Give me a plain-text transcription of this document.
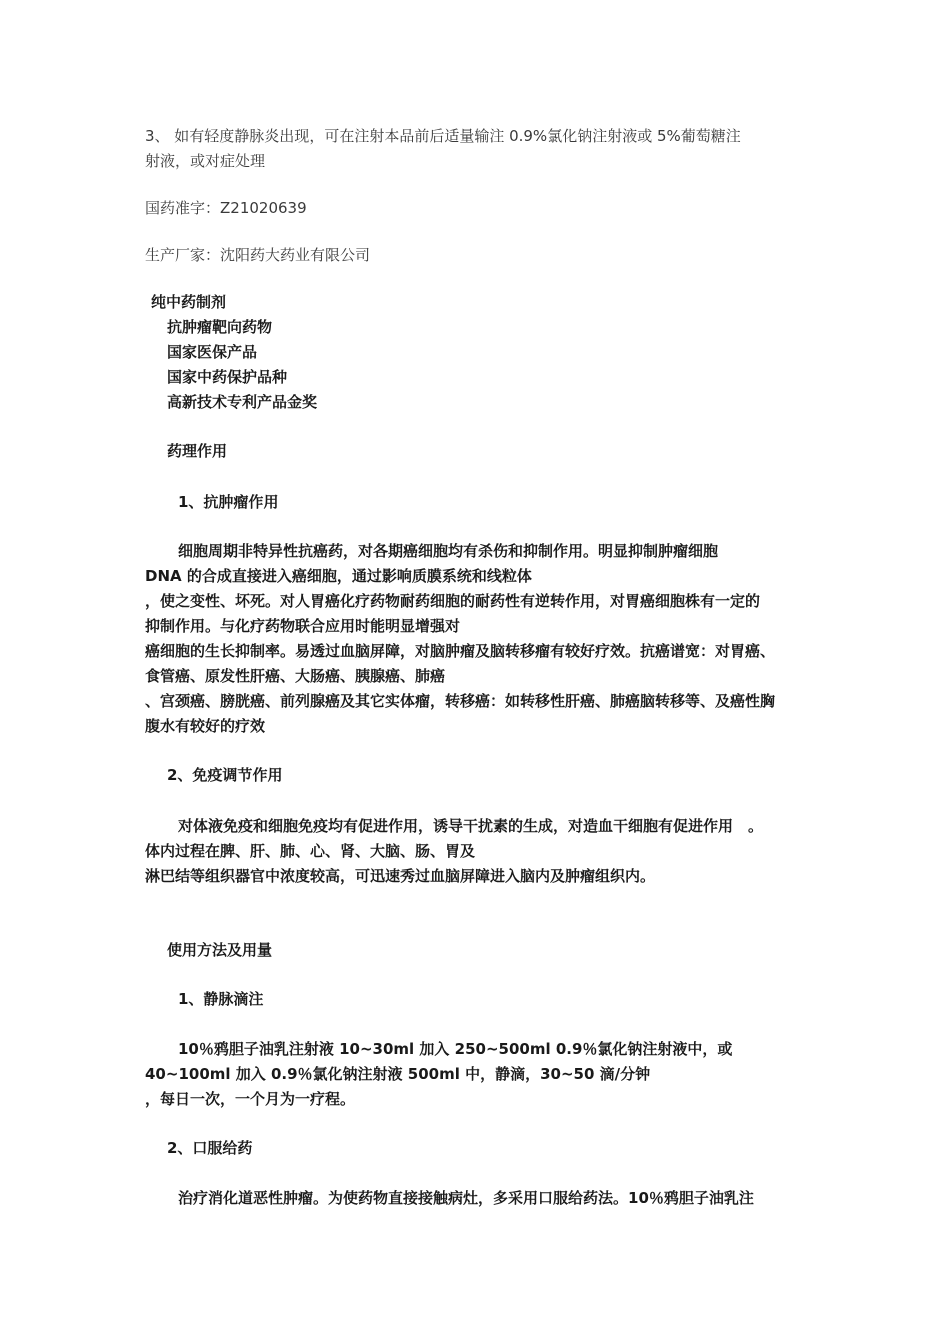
3、 如有轻度静脉炎出现，可在注射本品前后适量输注 0.9%氯化钠注射液或 5%葡萄糖注
射液，或对症处理
国药准字：Z21020639
生产厂家：沈阳药大药业有限公司
纯中药制剂
抗肿瘤靶向药物
国家医保产品
国家中药保护品种
高新技术专利产品金奖
药理作用
1、抗肿瘤作用
细胞周期非特异性抗癌药，对各期癌细胞均有杀伤和抑制作用。明显抑制肿瘤细胞
DNA 的合成直接进入癌细胞，通过影响质膜系统和线粒体
，使之变性、坏死。对人胃癌化疗药物耐药细胞的耐药性有逆转作用，对胃癌细胞株有一定的
抑制作用。与化疗药物联合应用时能明显增强对
癌细胞的生长抑制率。易透过血脑屏障，对脑肿瘤及脑转移瘤有较好疗效。抗癌谱宽：对胃癌、
食管癌、原发性肝癌、大肠癌、胰腺癌、肺癌
、宫颈癌、膀胱癌、前列腺癌及其它实体瘤，转移癌：如转移性肝癌、肺癌脑转移等、及癌性胸
腹水有较好的疗效
2、免疫调节作用
对体液免疫和细胞免疫均有促进作用，诱导干扰素的生成，对造血干细胞有促进作用　。
体内过程在脾、肝、肺、心、肾、大脑、肠、胃及
淋巴结等组织器官中浓度较高，可迅速秀过血脑屏障进入脑内及肿瘤组织内。
使用方法及用量
1、静脉滴注
10％鸦胆子油乳注射液 10~30ml 加入 250~500ml 0.9％氯化钠注射液中，或
40~100ml 加入 0.9％氯化钠注射液 500ml 中，静滴，30~50 滴/分钟
，每日一次，一个月为一疗程。
2、口服给药
治疗消化道恶性肿瘤。为使药物直接接触病灶，多采用口服给药法。10％鸦胆子油乳注
